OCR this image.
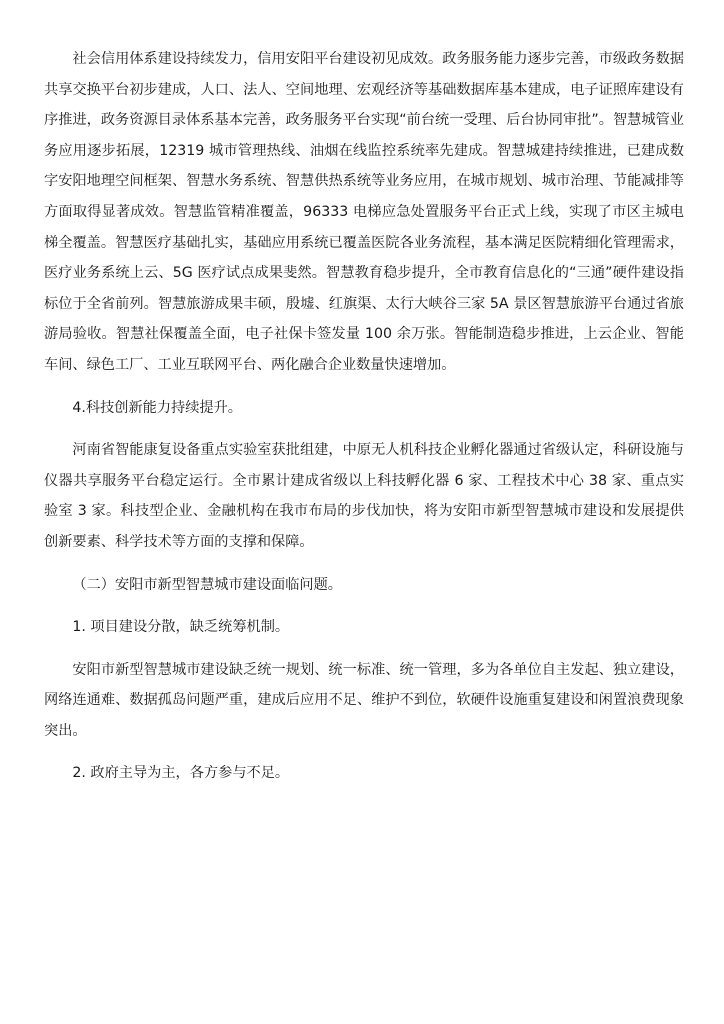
社会信用体系建设持续发力，信用安阳平台建设初见成效。政务服务能力逐步完善，市级政务数据共享交换平台初步建成，人口、法人、空间地理、宏观经济等基础数据库基本建成，电子证照库建设有序推进，政务资源目录体系基本完善，政务服务平台实现“前台统一受理、后台协同审批”。智慧城管业务应用逐步拓展，12319 城市管理热线、油烟在线监控系统率先建成。智慧城建持续推进，已建成数字安阳地理空间框架、智慧水务系统、智慧供热系统等业务应用，在城市规划、城市治理、节能减排等方面取得显著成效。智慧监管精准覆盖，96333 电梯应急处置服务平台正式上线，实现了市区主城电梯全覆盖。智慧医疗基础扎实，基础应用系统已覆盖医院各业务流程，基本满足医院精细化管理需求，医疗业务系统上云、5G 医疗试点成果斐然。智慧教育稳步提升，全市教育信息化的“三通”硬件建设指标位于全省前列。智慧旅游成果丰硕，殷墟、红旗渠、太行大峡谷三家 5A 景区智慧旅游平台通过省旅游局验收。智慧社保覆盖全面，电子社保卡签发量 100 余万张。智能制造稳步推进，上云企业、智能车间、绿色工厂、工业互联网平台、两化融合企业数量快速增加。

4.科技创新能力持续提升。

河南省智能康复设备重点实验室获批组建，中原无人机科技企业孵化器通过省级认定，科研设施与仪器共享服务平台稳定运行。全市累计建成省级以上科技孵化器 6 家、工程技术中心 38 家、重点实验室 3 家。科技型企业、金融机构在我市布局的步伐加快，将为安阳市新型智慧城市建设和发展提供创新要素、科学技术等方面的支撑和保障。

（二）安阳市新型智慧城市建设面临问题。

1. 项目建设分散，缺乏统筹机制。

安阳市新型智慧城市建设缺乏统一规划、统一标准、统一管理，多为各单位自主发起、独立建设，网络连通难、数据孤岛问题严重，建成后应用不足、维护不到位，软硬件设施重复建设和闲置浪费现象突出。

2. 政府主导为主，各方参与不足。
